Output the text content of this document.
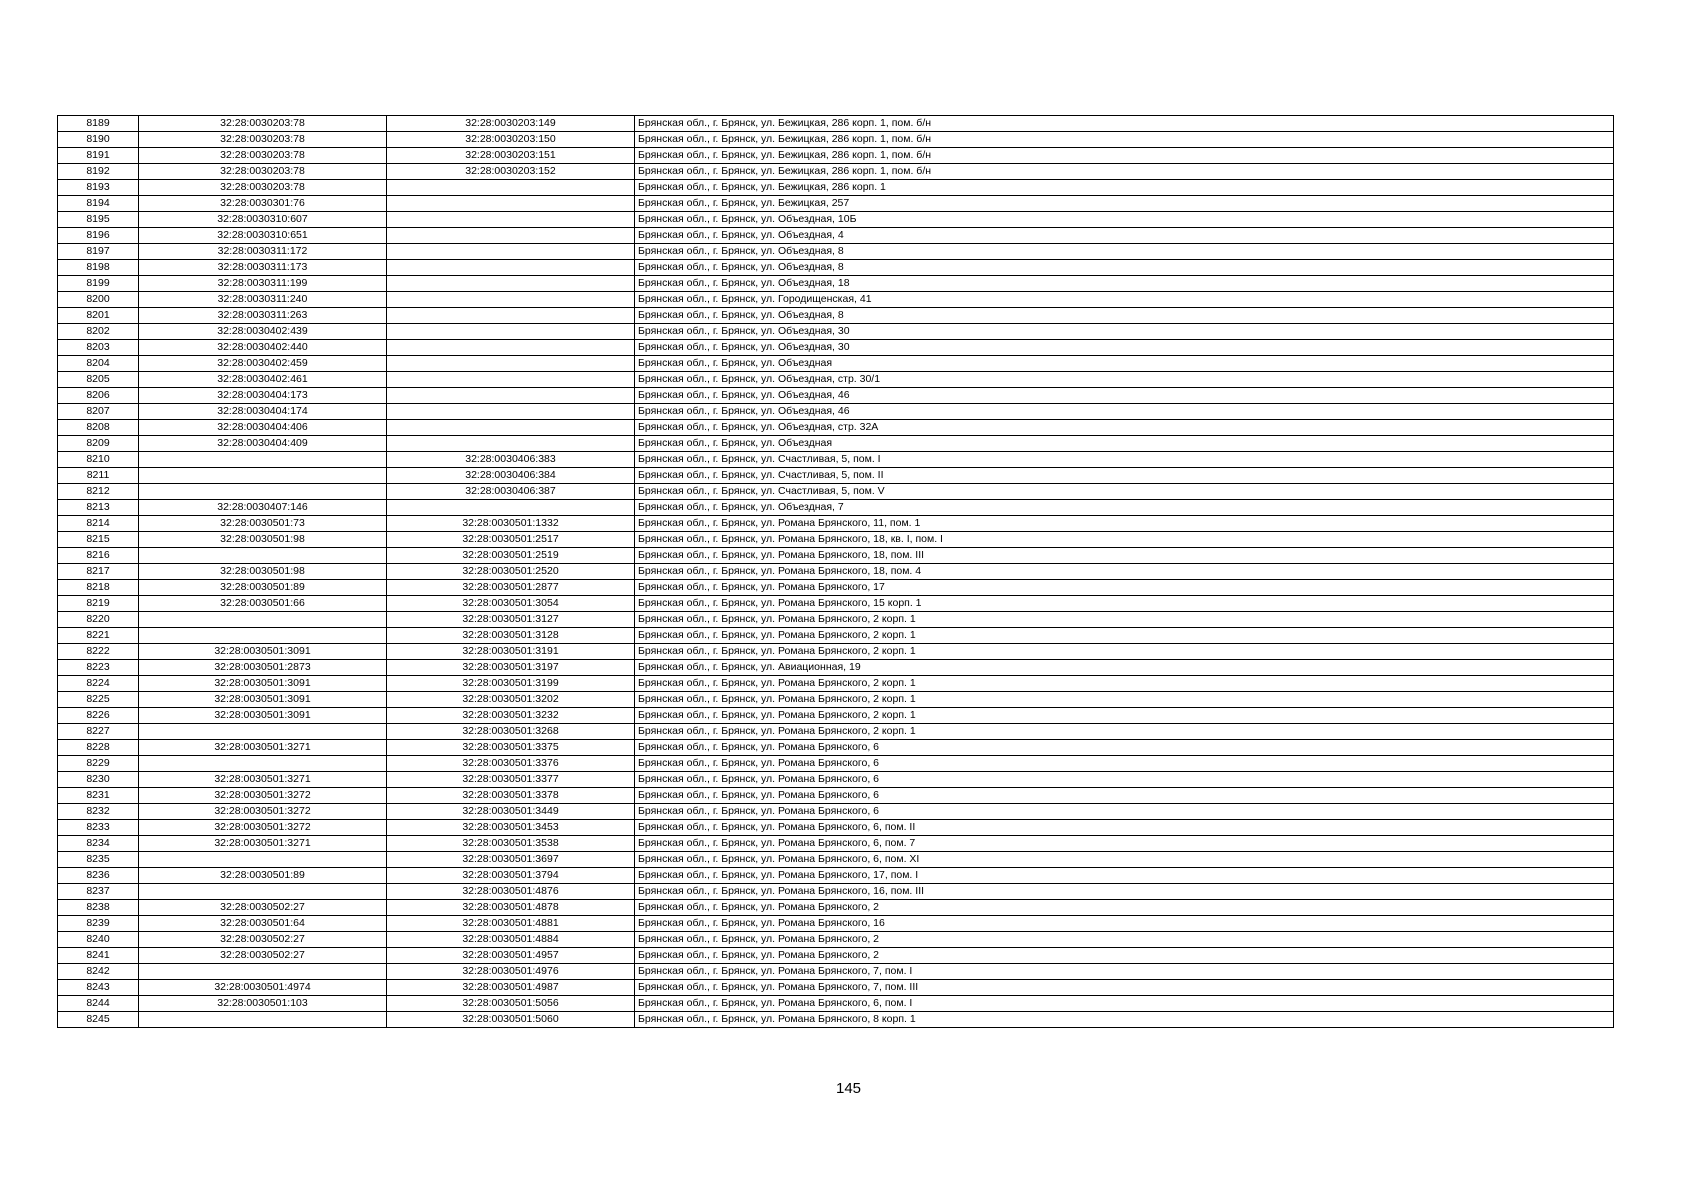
8189	32:28:0030203:78	32:28:0030203:149	Брянская обл., г. Брянск, ул. Бежицкая, 286 корп. 1, пом. б/н
8190	32:28:0030203:78	32:28:0030203:150	Брянская обл., г. Брянск, ул. Бежицкая, 286 корп. 1, пом. б/н
8191	32:28:0030203:78	32:28:0030203:151	Брянская обл., г. Брянск, ул. Бежицкая, 286 корп. 1, пом. б/н
8192	32:28:0030203:78	32:28:0030203:152	Брянская обл., г. Брянск, ул. Бежицкая, 286 корп. 1, пом. б/н
8193	32:28:0030203:78		Брянская обл., г. Брянск, ул. Бежицкая, 286 корп. 1
8194	32:28:0030301:76		Брянская обл., г. Брянск, ул. Бежицкая, 257
8195	32:28:0030310:607		Брянская обл., г. Брянск, ул. Объездная, 10Б
8196	32:28:0030310:651		Брянская обл., г. Брянск, ул. Объездная, 4
8197	32:28:0030311:172		Брянская обл., г. Брянск, ул. Объездная, 8
8198	32:28:0030311:173		Брянская обл., г. Брянск, ул. Объездная, 8
8199	32:28:0030311:199		Брянская обл., г. Брянск, ул. Объездная, 18
8200	32:28:0030311:240		Брянская обл., г. Брянск, ул. Городищенская, 41
8201	32:28:0030311:263		Брянская обл., г. Брянск, ул. Объездная, 8
8202	32:28:0030402:439		Брянская обл., г. Брянск, ул. Объездная, 30
8203	32:28:0030402:440		Брянская обл., г. Брянск, ул. Объездная, 30
8204	32:28:0030402:459		Брянская обл., г. Брянск, ул. Объездная
8205	32:28:0030402:461		Брянская обл., г. Брянск, ул. Объездная, стр. 30/1
8206	32:28:0030404:173		Брянская обл., г. Брянск, ул. Объездная, 46
8207	32:28:0030404:174		Брянская обл., г. Брянск, ул. Объездная, 46
8208	32:28:0030404:406		Брянская обл., г. Брянск, ул. Объездная, стр. 32А
8209	32:28:0030404:409		Брянская обл., г. Брянск, ул. Объездная
8210		32:28:0030406:383	Брянская обл., г. Брянск, ул. Счастливая, 5, пом. I
8211		32:28:0030406:384	Брянская обл., г. Брянск, ул. Счастливая, 5, пом. II
8212		32:28:0030406:387	Брянская обл., г. Брянск, ул. Счастливая, 5, пом. V
8213	32:28:0030407:146		Брянская обл., г. Брянск, ул. Объездная, 7
8214	32:28:0030501:73	32:28:0030501:1332	Брянская обл., г. Брянск, ул. Романа Брянского, 11, пом. 1
8215	32:28:0030501:98	32:28:0030501:2517	Брянская обл., г. Брянск, ул. Романа Брянского, 18, кв. I, пом. I
8216		32:28:0030501:2519	Брянская обл., г. Брянск, ул. Романа Брянского, 18, пом. III
8217	32:28:0030501:98	32:28:0030501:2520	Брянская обл., г. Брянск, ул. Романа Брянского, 18, пом. 4
8218	32:28:0030501:89	32:28:0030501:2877	Брянская обл., г. Брянск, ул. Романа Брянского, 17
8219	32:28:0030501:66	32:28:0030501:3054	Брянская обл., г. Брянск, ул. Романа Брянского, 15 корп. 1
8220		32:28:0030501:3127	Брянская обл., г. Брянск, ул. Романа Брянского, 2 корп. 1
8221		32:28:0030501:3128	Брянская обл., г. Брянск, ул. Романа Брянского, 2 корп. 1
8222	32:28:0030501:3091	32:28:0030501:3191	Брянская обл., г. Брянск, ул. Романа Брянского, 2 корп. 1
8223	32:28:0030501:2873	32:28:0030501:3197	Брянская обл., г. Брянск, ул. Авиационная, 19
8224	32:28:0030501:3091	32:28:0030501:3199	Брянская обл., г. Брянск, ул. Романа Брянского, 2 корп. 1
8225	32:28:0030501:3091	32:28:0030501:3202	Брянская обл., г. Брянск, ул. Романа Брянского, 2 корп. 1
8226	32:28:0030501:3091	32:28:0030501:3232	Брянская обл., г. Брянск, ул. Романа Брянского, 2 корп. 1
8227		32:28:0030501:3268	Брянская обл., г. Брянск, ул. Романа Брянского, 2 корп. 1
8228	32:28:0030501:3271	32:28:0030501:3375	Брянская обл., г. Брянск, ул. Романа Брянского, 6
8229		32:28:0030501:3376	Брянская обл., г. Брянск, ул. Романа Брянского, 6
8230	32:28:0030501:3271	32:28:0030501:3377	Брянская обл., г. Брянск, ул. Романа Брянского, 6
8231	32:28:0030501:3272	32:28:0030501:3378	Брянская обл., г. Брянск, ул. Романа Брянского, 6
8232	32:28:0030501:3272	32:28:0030501:3449	Брянская обл., г. Брянск, ул. Романа Брянского, 6
8233	32:28:0030501:3272	32:28:0030501:3453	Брянская обл., г. Брянск, ул. Романа Брянского, 6, пом. II
8234	32:28:0030501:3271	32:28:0030501:3538	Брянская обл., г. Брянск, ул. Романа Брянского, 6, пом. 7
8235		32:28:0030501:3697	Брянская обл., г. Брянск, ул. Романа Брянского, 6, пом. XI
8236	32:28:0030501:89	32:28:0030501:3794	Брянская обл., г. Брянск, ул. Романа Брянского, 17, пом. I
8237		32:28:0030501:4876	Брянская обл., г. Брянск, ул. Романа Брянского, 16, пом. III
8238	32:28:0030502:27	32:28:0030501:4878	Брянская обл., г. Брянск, ул. Романа Брянского, 2
8239	32:28:0030501:64	32:28:0030501:4881	Брянская обл., г. Брянск, ул. Романа Брянского, 16
8240	32:28:0030502:27	32:28:0030501:4884	Брянская обл., г. Брянск, ул. Романа Брянского, 2
8241	32:28:0030502:27	32:28:0030501:4957	Брянская обл., г. Брянск, ул. Романа Брянского, 2
8242		32:28:0030501:4976	Брянская обл., г. Брянск, ул. Романа Брянского, 7, пом. I
8243	32:28:0030501:4974	32:28:0030501:4987	Брянская обл., г. Брянск, ул. Романа Брянского, 7, пом. III
8244	32:28:0030501:103	32:28:0030501:5056	Брянская обл., г. Брянск, ул. Романа Брянского, 6, пом. I
8245		32:28:0030501:5060	Брянская обл., г. Брянск, ул. Романа Брянского, 8 корп. 1
145
